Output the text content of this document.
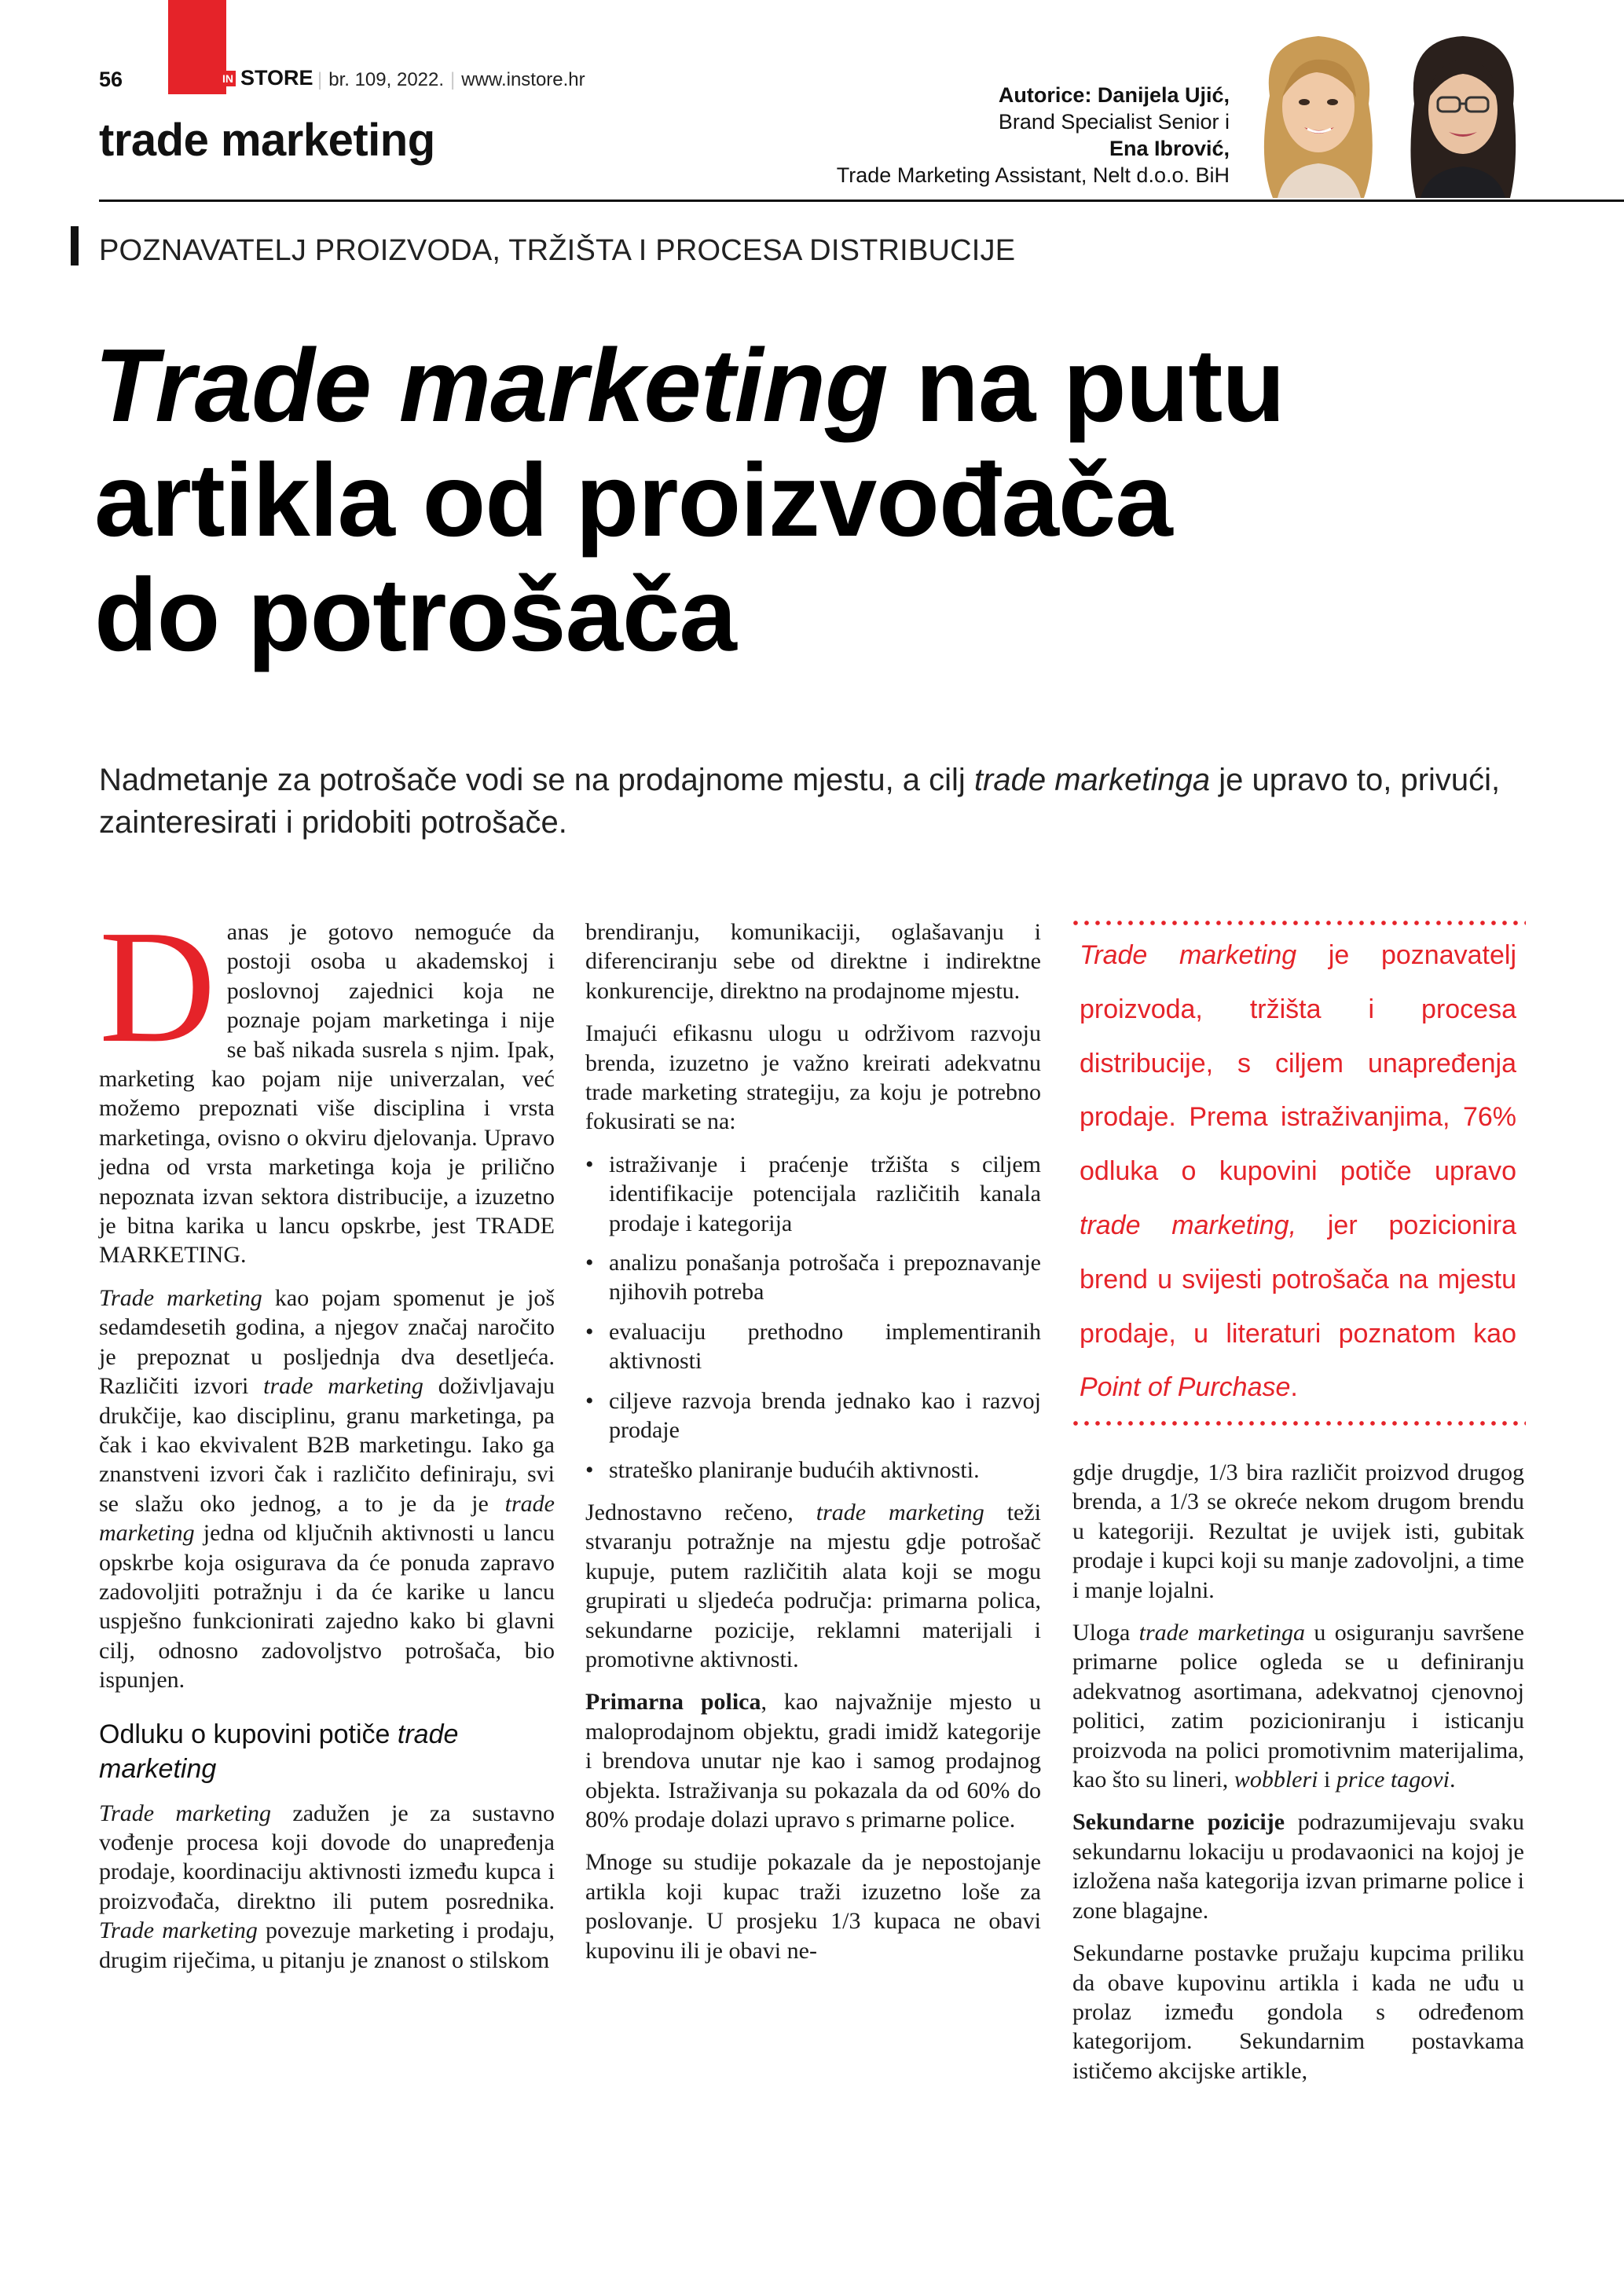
56	IN STORE | br. 109, 2022. | www.instore.hr
trade marketing
Autorice: Danijela Ujić,
Brand Specialist Senior i
Ena Ibrović,
Trade Marketing Assistant, Nelt d.o.o. BiH
POZNAVATELJ PROIZVODA, TRŽIŠTA I PROCESA DISTRIBUCIJE
Trade marketing na putu
artikla od proizvođača
do potrošača
Nadmetanje za potrošače vodi se na prodajnome mjestu, a cilj trade marketinga je upravo to, privući, zainteresirati i pridobiti potrošače.

Danas je gotovo nemoguće da postoji osoba u akademskoj i poslovnoj zajednici koja ne poznaje pojam marketinga i nije se baš nikada susrela s njim. Ipak, marketing kao pojam nije univerzalan, već možemo prepoznati više disciplina i vrsta marketinga, ovisno o okviru djelovanja. Upravo jedna od vrsta marketinga koja je prilično nepoznata izvan sektora distribucije, a izuzetno je bitna karika u lancu opskrbe, jest TRADE MARKETING.

Trade marketing kao pojam spomenut je još sedamdesetih godina, a njegov značaj naročito je prepoznat u posljednja dva desetljeća. Različiti izvori trade marketing doživljavaju drukčije, kao disciplinu, granu marketinga, pa čak i kao ekvivalent B2B marketingu. Iako ga znanstveni izvori čak i različito definiraju, svi se slažu oko jednog, a to je da je trade marketing jedna od ključnih aktivnosti u lancu opskrbe koja osigurava da će ponuda zapravo zadovoljiti potražnju i da će karike u lancu uspješno funkcionirati zajedno kako bi glavni cilj, odnosno zadovoljstvo potrošača, bio ispunjen.

Odluku o kupovini potiče trade marketing

Trade marketing zadužen je za sustavno vođenje procesa koji dovode do unapređenja prodaje, koordinaciju aktivnosti između kupca i proizvođača, direktno ili putem posrednika. Trade marketing povezuje marketing i prodaju, drugim riječima, u pitanju je znanost o stilskom

brendiranju, komunikaciji, oglašavanju i diferenciranju sebe od direktne i indirektne konkurencije, direktno na prodajnome mjestu.

Imajući efikasnu ulogu u održivom razvoju brenda, izuzetno je važno kreirati adekvatnu trade marketing strategiju, za koju je potrebno fokusirati se na:

• istraživanje i praćenje tržišta s ciljem identifikacije potencijala različitih kanala prodaje i kategorija
• analizu ponašanja potrošača i prepoznavanje njihovih potreba
• evaluaciju prethodno implementiranih aktivnosti
• ciljeve razvoja brenda jednako kao i razvoj prodaje
• strateško planiranje budućih aktivnosti.

Jednostavno rečeno, trade marketing teži stvaranju potražnje na mjestu gdje potrošač kupuje, putem različitih alata koji se mogu grupirati u sljedeća područja: primarna polica, sekundarne pozicije, reklamni materijali i promotivne aktivnosti.

Primarna polica, kao najvažnije mjesto u maloprodajnom objektu, gradi imidž kategorije i brendova unutar nje kao i samog prodajnog objekta. Istraživanja su pokazala da od 60% do 80% prodaje dolazi upravo s primarne police.

Mnoge su studije pokazale da je nepostojanje artikla koji kupac traži izuzetno loše za poslovanje. U prosjeku 1/3 kupaca ne obavi kupovinu ili je obavi ne-

Trade marketing je poznavatelj proizvoda, tržišta i procesa distribucije, s ciljem unapređenja prodaje. Prema istraživanjima, 76% odluka o kupovini potiče upravo trade marketing, jer pozicionira brend u svijesti potrošača na mjestu prodaje, u literaturi poznatom kao Point of Purchase.

gdje drugdje, 1/3 bira različit proizvod drugog brenda, a 1/3 se okreće nekom drugom brendu u kategoriji. Rezultat je uvijek isti, gubitak prodaje i kupci koji su manje zadovoljni, a time i manje lojalni.

Uloga trade marketinga u osiguranju savršene primarne police ogleda se u definiranju adekvatnog asortimana, adekvatnoj cjenovnoj politici, zatim pozicioniranju i isticanju proizvoda na polici promotivnim materijalima, kao što su lineri, wobbleri i price tagovi.

Sekundarne pozicije podrazumijevaju svaku sekundarnu lokaciju u prodavaonici na kojoj je izložena naša kategorija izvan primarne police i zone blagajne.

Sekundarne postavke pružaju kupcima priliku da obave kupovinu artikla i kada ne uđu u prolaz između gondola s određenom kategorijom. Sekundarnim postavkama ističemo akcijske artikle,
